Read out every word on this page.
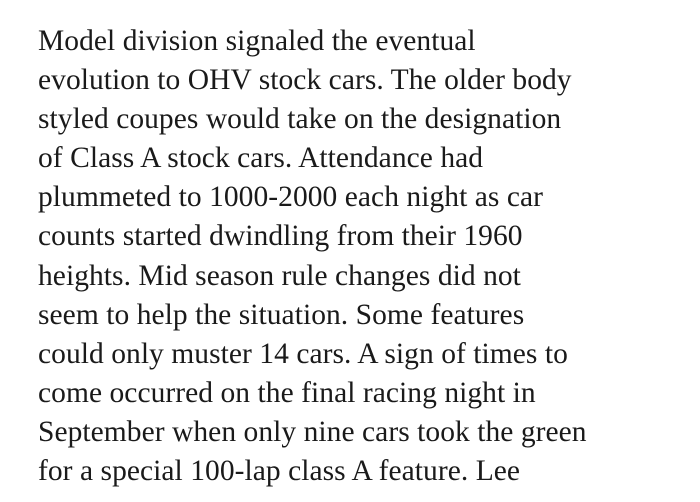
Model division signaled the eventual
evolution to OHV stock cars. The older body
styled coupes would take on the designation
of Class A stock cars. Attendance had
plummeted to 1000-2000 each night as car
counts started dwindling from their 1960
heights. Mid season rule changes did not
seem to help the situation. Some features
could only muster 14 cars. A sign of times to
come occurred on the final racing night in
September when only nine cars took the green
for a special 100-lap class A feature. Lee
